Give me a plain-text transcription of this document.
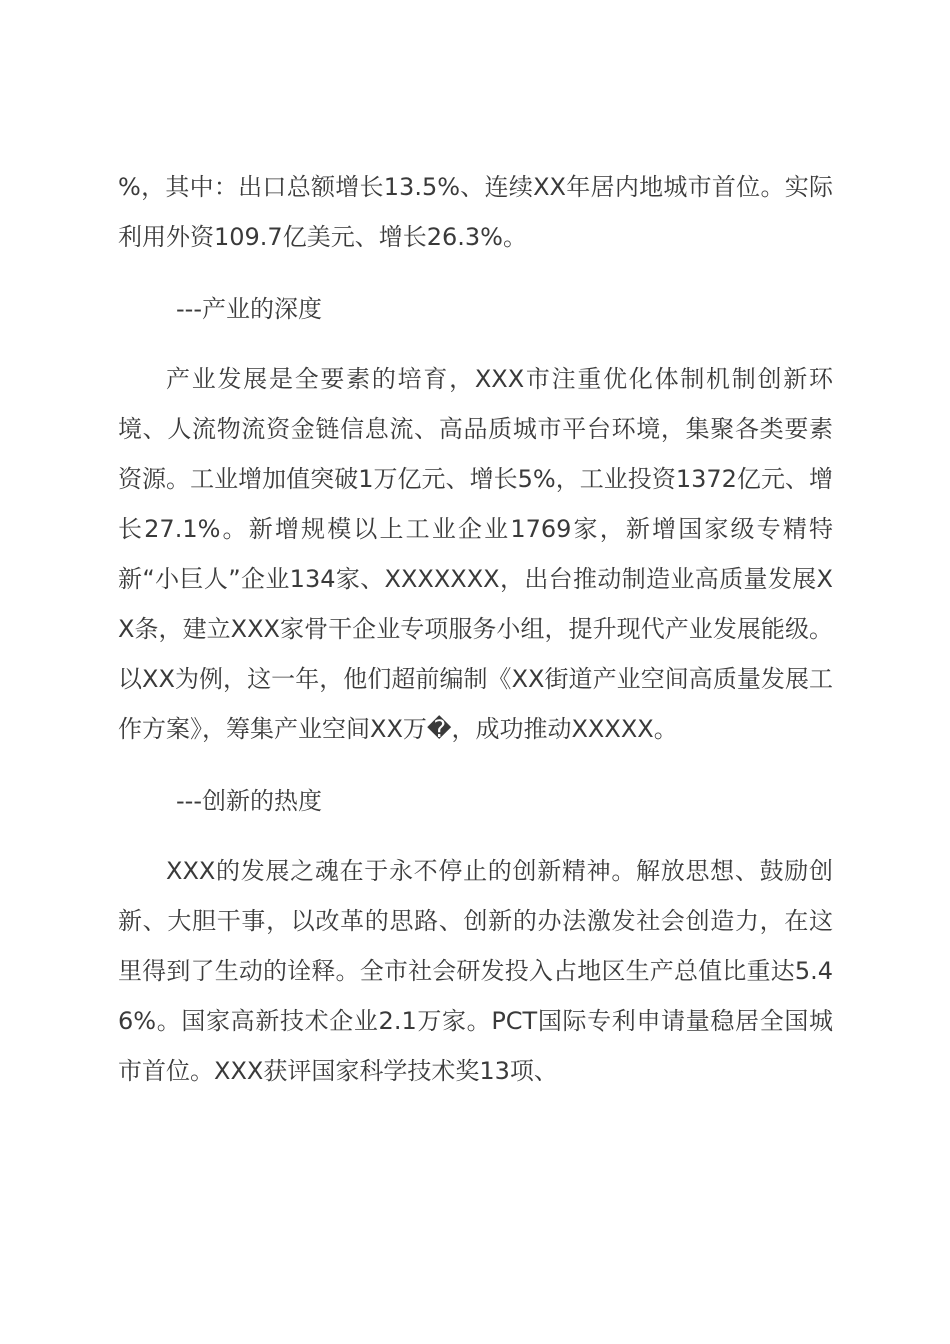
%，其中：出口总额增长13.5%、连续XX年居内地城市首位。实际利用外资109.7亿美元、增长26.3%。

---产业的深度

产业发展是全要素的培育，XXX市注重优化体制机制创新环境、人流物流资金链信息流、高品质城市平台环境，集聚各类要素资源。工业增加值突破1万亿元、增长5%，工业投资1372亿元、增长27.1%。新增规模以上工业企业1769家，新增国家级专精特新“小巨人”企业134家、XXXXXXX，出台推动制造业高质量发展XX条，建立XXX家骨干企业专项服务小组，提升现代产业发展能级。以XX为例，这一年，他们超前编制《XX街道产业空间高质量发展工作方案》，筹集产业空间XX万�，成功推动XXXXX。

---创新的热度

XXX的发展之魂在于永不停止的创新精神。解放思想、鼓励创新、大胆干事，以改革的思路、创新的办法激发社会创造力，在这里得到了生动的诠释。全市社会研发投入占地区生产总值比重达5.46%。国家高新技术企业2.1万家。PCT国际专利申请量稳居全国城市首位。XXX获评国家科学技术奖13项、
